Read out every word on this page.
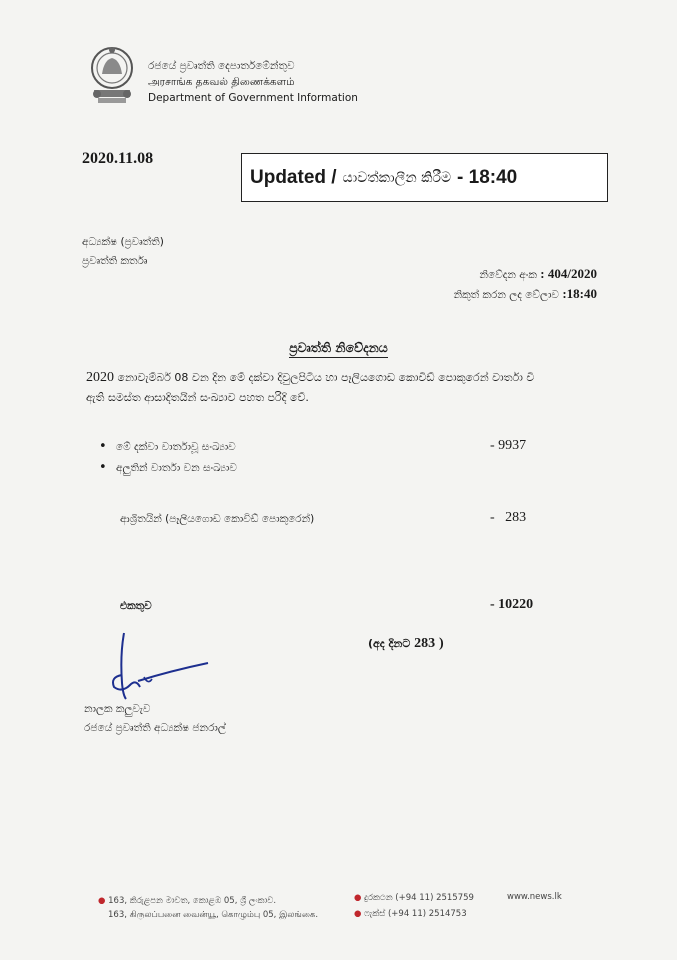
රජයේ ප්‍රවෘත්ති දෙපාර්තමේන්තුව
அரசாங்க தகவல் திணைக்களம்
Department of Government Information
2020.11.08
Updated / යාවත්කාලීන කිරීම - 18:40
අධ්‍යක්ෂ (ප්‍රවෘත්ති)
ප්‍රවෘත්ති කර්තෘ
නිවේදන අංක : 404/2020
නිකුත් කරන ලද වේලාව :18:40
ප්‍රවෘත්ති නිවේදනය
2020 නොවැම්බර් 08 වන දින මේ දක්වා දිවුලපිටිය හා පෑලියගොඩ කොවිඩ් පොකුරෙන් වාර්තා වී
ඇති සමස්ත ආසාදිතයින් සංඛ්‍යාව පහත පරිදි වේ.
• මේ දක්වා වාර්තාවූ සංඛ්‍යාව	- 9937
• අලුතින් වාර්තා වන සංඛ්‍යාව
ආශ්‍රිතයින් (පෑලියගොඩ කොවිඩ් පොකුරෙන්)	-   283
එකතුව	- 10220
(අද දිනට 283 )
නාලක කලුවැව
රජයේ ප්‍රවෘත්ති අධ්‍යක්ෂ ජනරාල්
● 163, කිරුළපන මාවත, කොළඹ 05, ශ්‍රී ලංකාව.
163, கிருலப்பனை வைன்யூ, கொழும்பு 05, இலங்கை.
● දුරකථන (+94 11) 2515759
● ෆැක්ස් (+94 11) 2514753
www.news.lk
